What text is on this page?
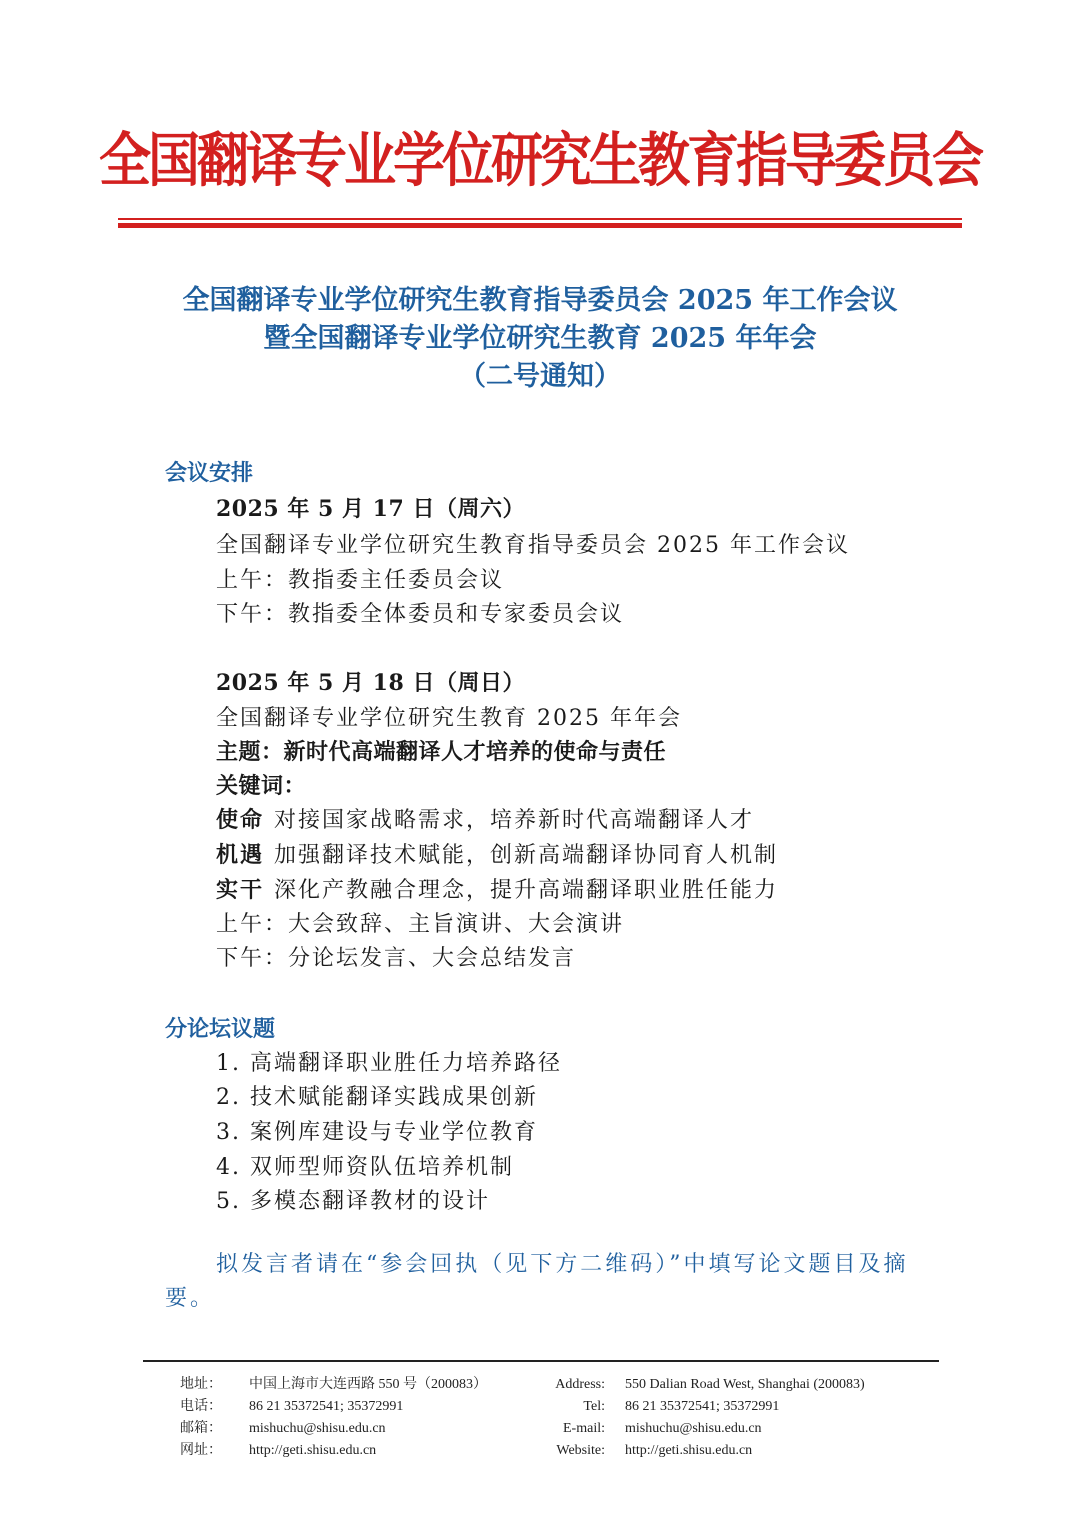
全国翻译专业学位研究生教育指导委员会
全国翻译专业学位研究生教育指导委员会 2025 年工作会议
暨全国翻译专业学位研究生教育 2025 年年会
（二号通知）
会议安排
2025 年 5 月 17 日（周六）
全国翻译专业学位研究生教育指导委员会 2025 年工作会议
上午：教指委主任委员会议
下午：教指委全体委员和专家委员会议
2025 年 5 月 18 日（周日）
全国翻译专业学位研究生教育 2025 年年会
主题：新时代高端翻译人才培养的使命与责任
关键词：
使命 对接国家战略需求，培养新时代高端翻译人才
机遇 加强翻译技术赋能，创新高端翻译协同育人机制
实干 深化产教融合理念，提升高端翻译职业胜任能力
上午：大会致辞、主旨演讲、大会演讲
下午：分论坛发言、大会总结发言
分论坛议题
1. 高端翻译职业胜任力培养路径
2. 技术赋能翻译实践成果创新
3. 案例库建设与专业学位教育
4. 双师型师资队伍培养机制
5. 多模态翻译教材的设计
拟发言者请在“参会回执（见下方二维码）”中填写论文题目及摘要。
地址：	中国上海市大连西路 550 号（200083）	Address: 550 Dalian Road West, Shanghai (200083)
电话：	86 21 35372541; 35372991	Tel: 86 21 35372541; 35372991
邮箱：	mishuchu@shisu.edu.cn	E-mail: mishuchu@shisu.edu.cn
网址：	http://geti.shisu.edu.cn	Website: http://geti.shisu.edu.cn
